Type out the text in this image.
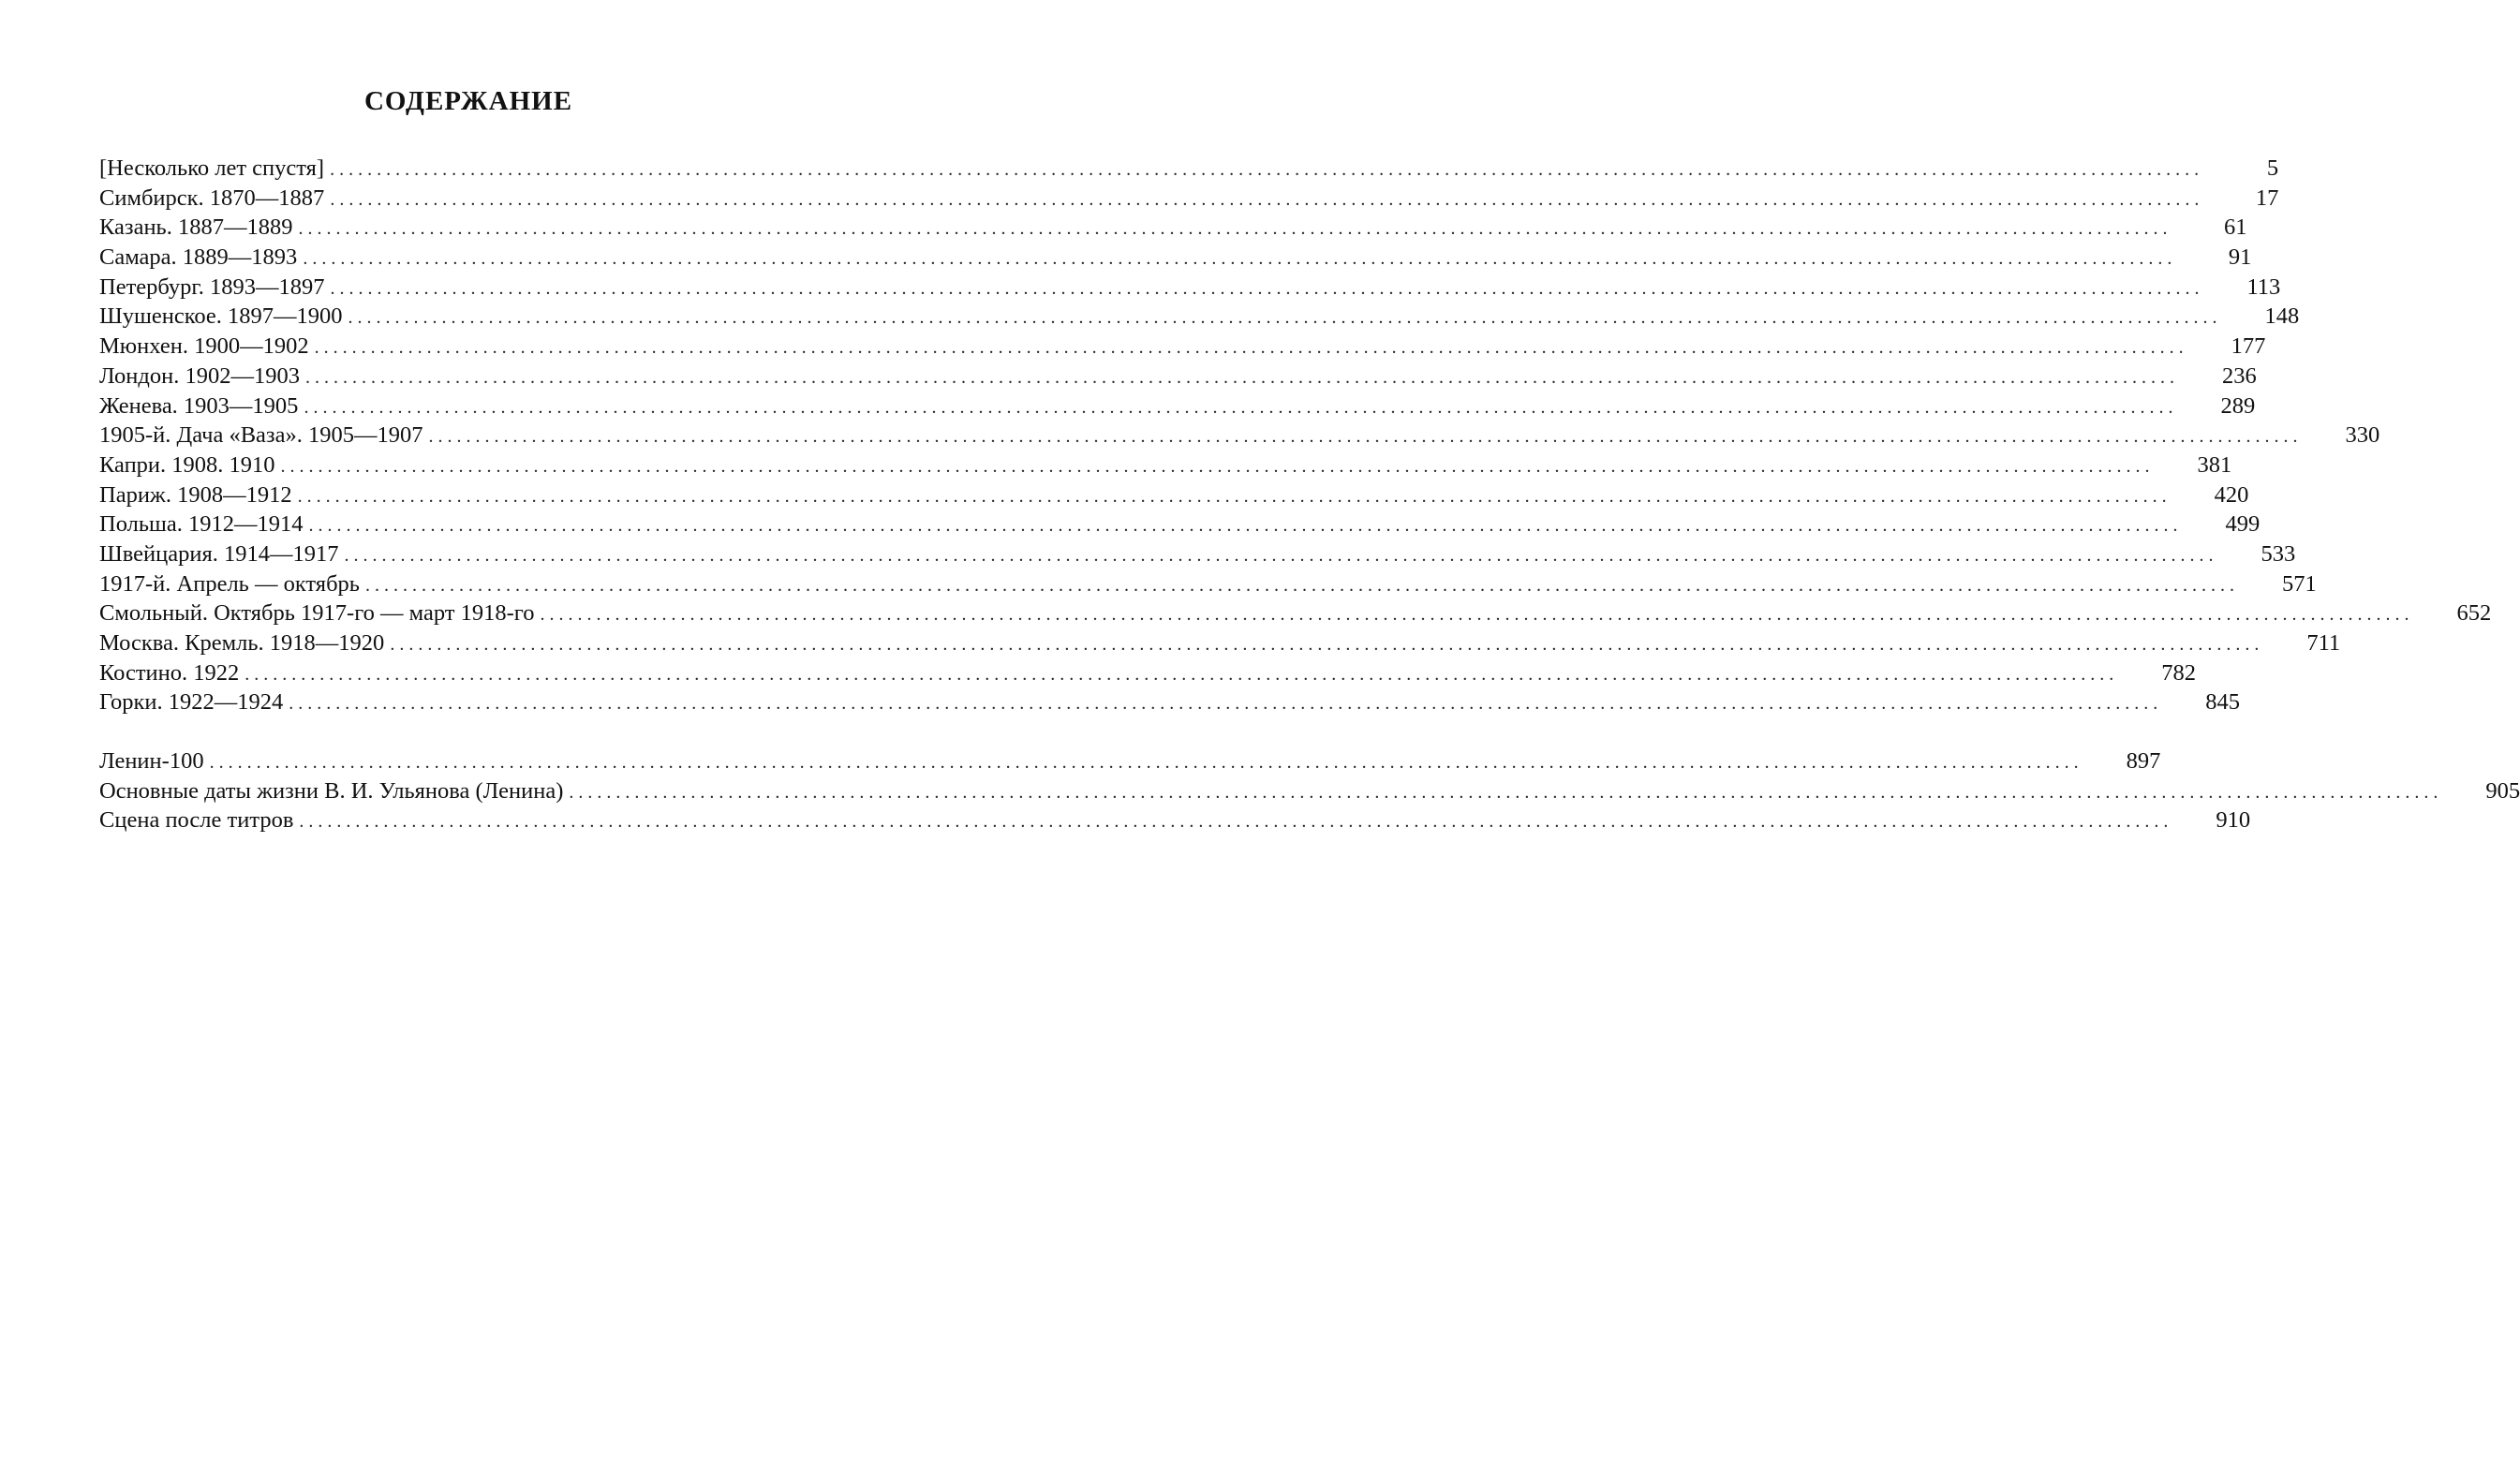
СОДЕРЖАНИЕ
[Несколько лет спустя] ........................................................................................................................................................................................................	5
Симбирск. 1870—1887 ........................................................................................................................................................................................................	17
Казань. 1887—1889 ........................................................................................................................................................................................................	61
Самара. 1889—1893 ........................................................................................................................................................................................................	91
Петербург. 1893—1897 ........................................................................................................................................................................................................ 113
Шушенское. 1897—1900 ........................................................................................................................................................................................................ 148
Мюнхен. 1900—1902 ........................................................................................................................................................................................................ 177
Лондон. 1902—1903 ........................................................................................................................................................................................................ 236
Женева. 1903—1905 ........................................................................................................................................................................................................ 289
1905-й. Дача «Ваза». 1905—1907 ........................................................................................................................................................................................................ 330
Капри. 1908. 1910 ........................................................................................................................................................................................................ 381
Париж. 1908—1912 ........................................................................................................................................................................................................ 420
Польша. 1912—1914 ........................................................................................................................................................................................................ 499
Швейцария. 1914—1917 ........................................................................................................................................................................................................ 533
1917-й. Апрель — октябрь ........................................................................................................................................................................................................ 571
Смольный. Октябрь 1917-го — март 1918-го ........................................................................................................................................................................................................ 652
Москва. Кремль. 1918—1920 ........................................................................................................................................................................................................ 711
Костино. 1922 ........................................................................................................................................................................................................ 782
Горки. 1922—1924 ........................................................................................................................................................................................................ 845
Ленин-100 ........................................................................................................................................................................................................ 897
Основные даты жизни В. И. Ульянова (Ленина) ........................................................................................................................................................................................................ 905
Сцена после титров ........................................................................................................................................................................................................ 910
